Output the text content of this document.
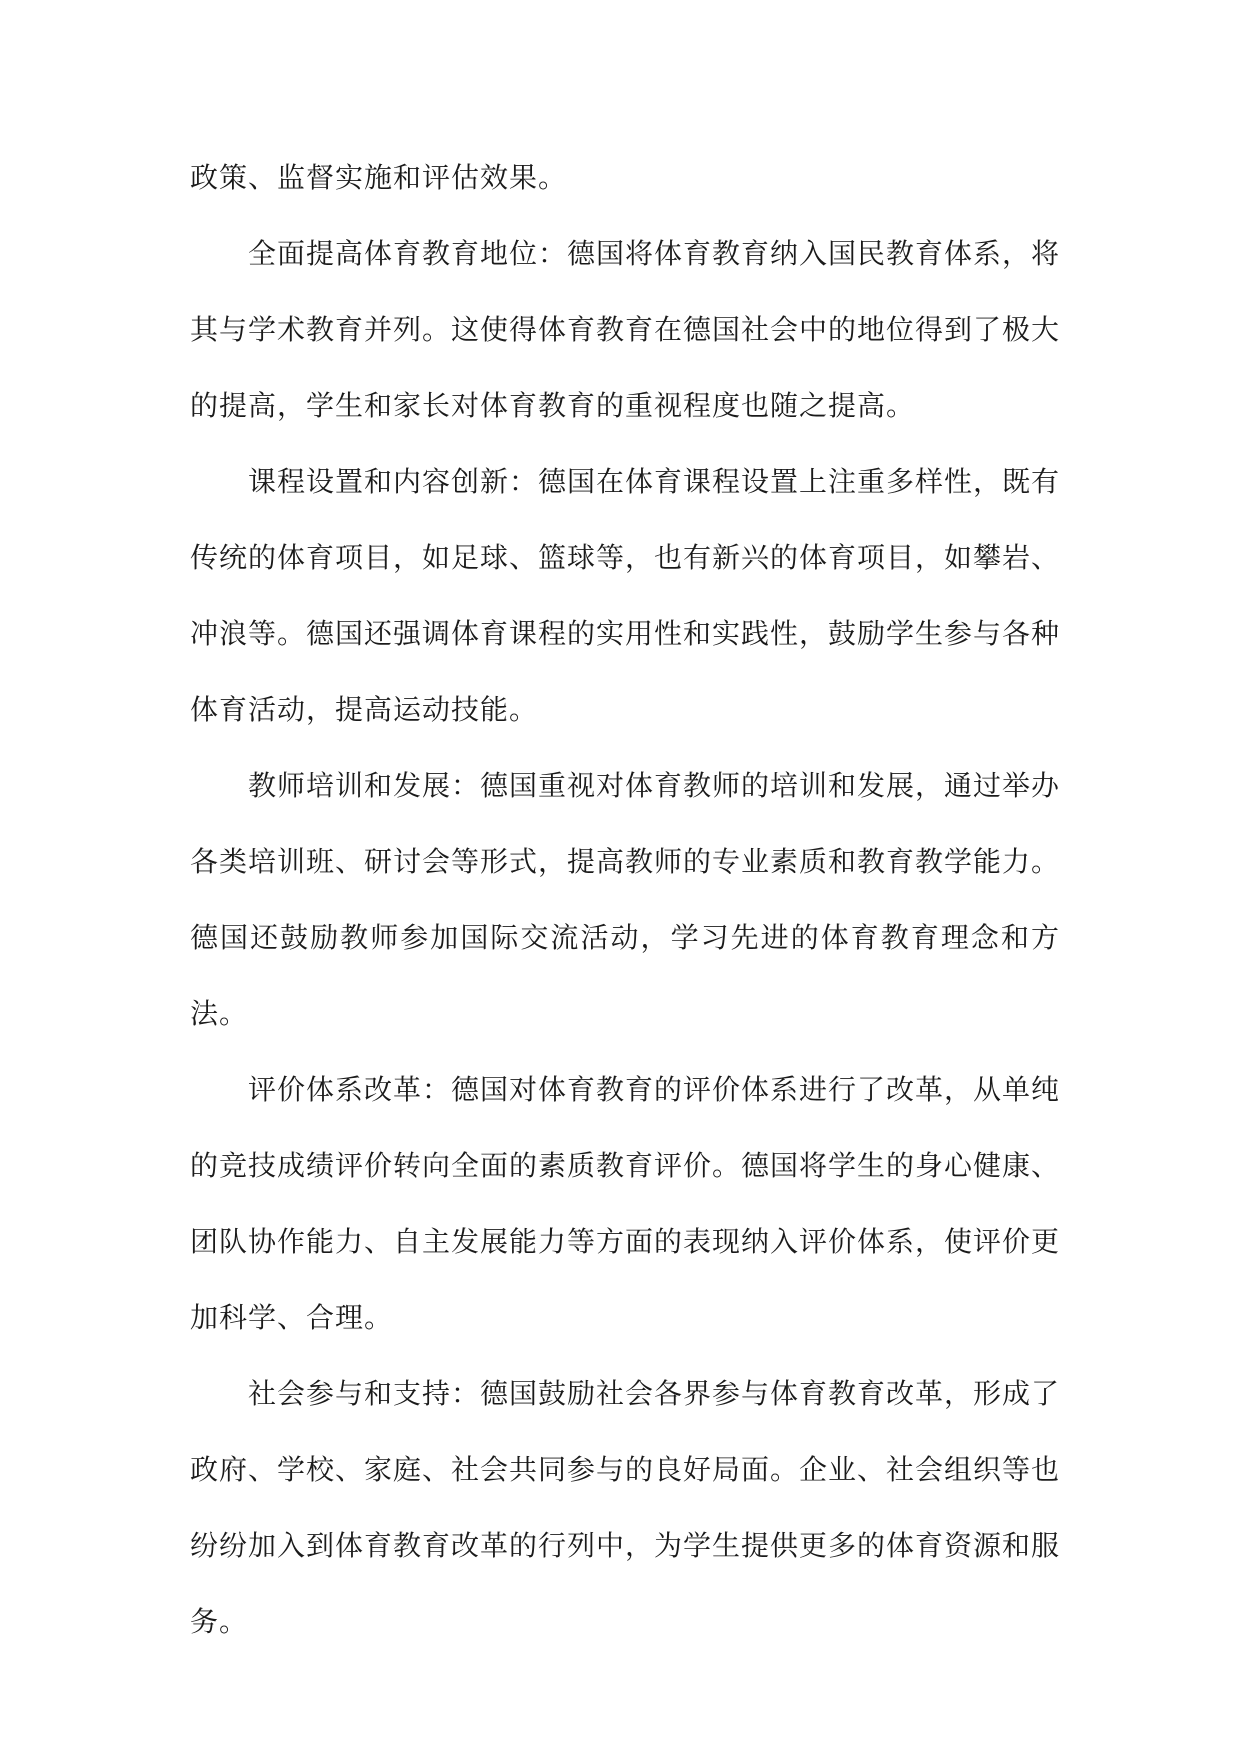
政策、监督实施和评估效果。

全面提高体育教育地位：德国将体育教育纳入国民教育体系，将其与学术教育并列。这使得体育教育在德国社会中的地位得到了极大的提高，学生和家长对体育教育的重视程度也随之提高。

课程设置和内容创新：德国在体育课程设置上注重多样性，既有传统的体育项目，如足球、篮球等，也有新兴的体育项目，如攀岩、冲浪等。德国还强调体育课程的实用性和实践性，鼓励学生参与各种体育活动，提高运动技能。

教师培训和发展：德国重视对体育教师的培训和发展，通过举办各类培训班、研讨会等形式，提高教师的专业素质和教育教学能力。德国还鼓励教师参加国际交流活动，学习先进的体育教育理念和方法。

评价体系改革：德国对体育教育的评价体系进行了改革，从单纯的竞技成绩评价转向全面的素质教育评价。德国将学生的身心健康、团队协作能力、自主发展能力等方面的表现纳入评价体系，使评价更加科学、合理。

社会参与和支持：德国鼓励社会各界参与体育教育改革，形成了政府、学校、家庭、社会共同参与的良好局面。企业、社会组织等也纷纷加入到体育教育改革的行列中，为学生提供更多的体育资源和服务。
